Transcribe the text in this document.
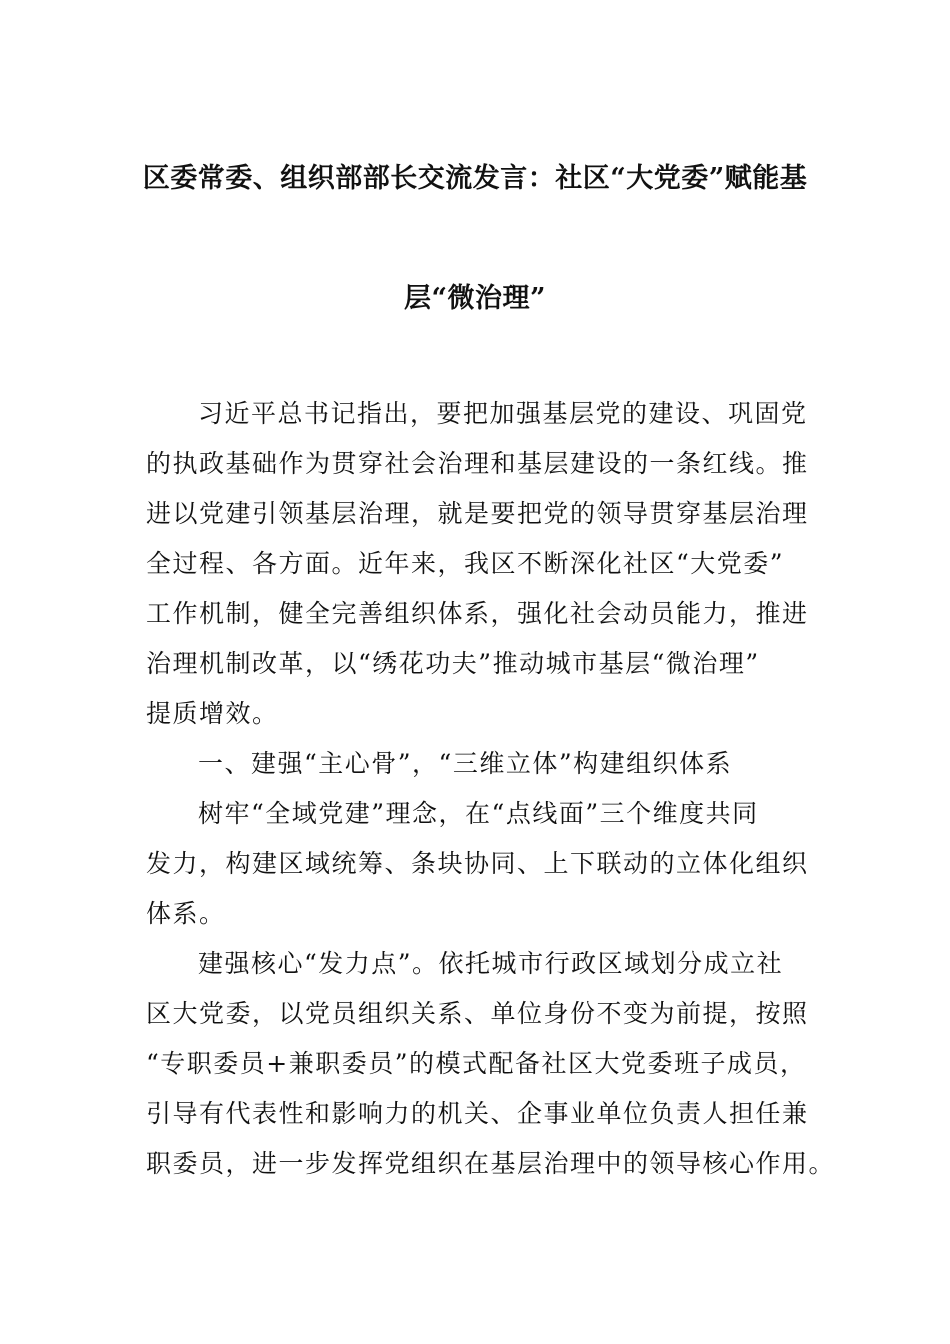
区委常委、组织部部长交流发言：社区“大党委”赋能基
层“微治理”
习近平总书记指出，要把加强基层党的建设、巩固党
的执政基础作为贯穿社会治理和基层建设的一条红线。推
进以党建引领基层治理，就是要把党的领导贯穿基层治理
全过程、各方面。近年来，我区不断深化社区“大党委”
工作机制，健全完善组织体系，强化社会动员能力，推进
治理机制改革，以“绣花功夫”推动城市基层“微治理”
提质增效。
一、建强“主心骨”，“三维立体”构建组织体系
树牢“全域党建”理念，在“点线面”三个维度共同
发力，构建区域统筹、条块协同、上下联动的立体化组织
体系。
建强核心“发力点”。依托城市行政区域划分成立社
区大党委，以党员组织关系、单位身份不变为前提，按照
“专职委员+兼职委员”的模式配备社区大党委班子成员，
引导有代表性和影响力的机关、企事业单位负责人担任兼
职委员，进一步发挥党组织在基层治理中的领导核心作用。
